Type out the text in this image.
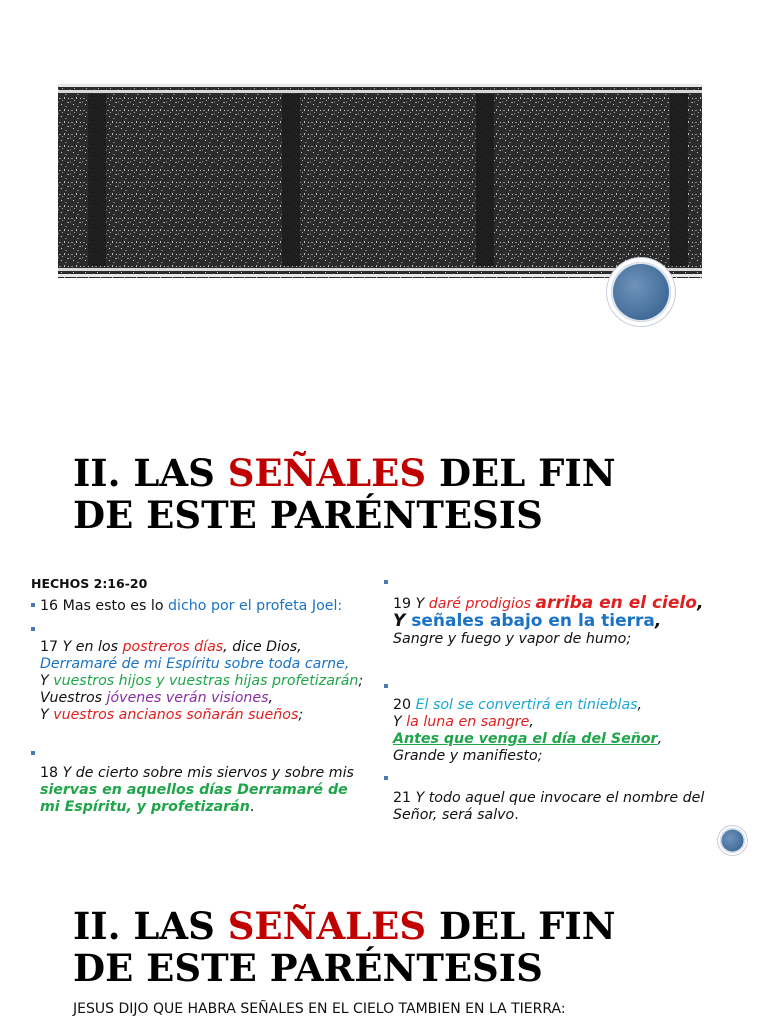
II. LAS SEÑALES DEL FIN
DE ESTE PARÉNTESIS
HECHOS 2:16-20
16 Mas esto es lo dicho por el profeta Joel:
17 Y en los postreros días, dice Dios,
Derramaré de mi Espíritu sobre toda carne,
Y vuestros hijos y vuestras hijas profetizarán;
Vuestros jóvenes verán visiones,
Y vuestros ancianos soñarán sueños;
18 Y de cierto sobre mis siervos y sobre mis siervas en aquellos días Derramaré de mi Espíritu, y profetizarán.
19 Y daré prodigios arriba en el cielo,
Y señales abajo en la tierra,
Sangre y fuego y vapor de humo;
20 El sol se convertirá en tinieblas,
Y la luna en sangre,
Antes que venga el día del Señor,
Grande y manifiesto;
21 Y todo aquel que invocare el nombre del Señor, será salvo.
II. LAS SEÑALES DEL FIN
DE ESTE PARÉNTESIS
JESUS DIJO QUE HABRA SEÑALES EN EL CIELO TAMBIEN EN LA TIERRA:
